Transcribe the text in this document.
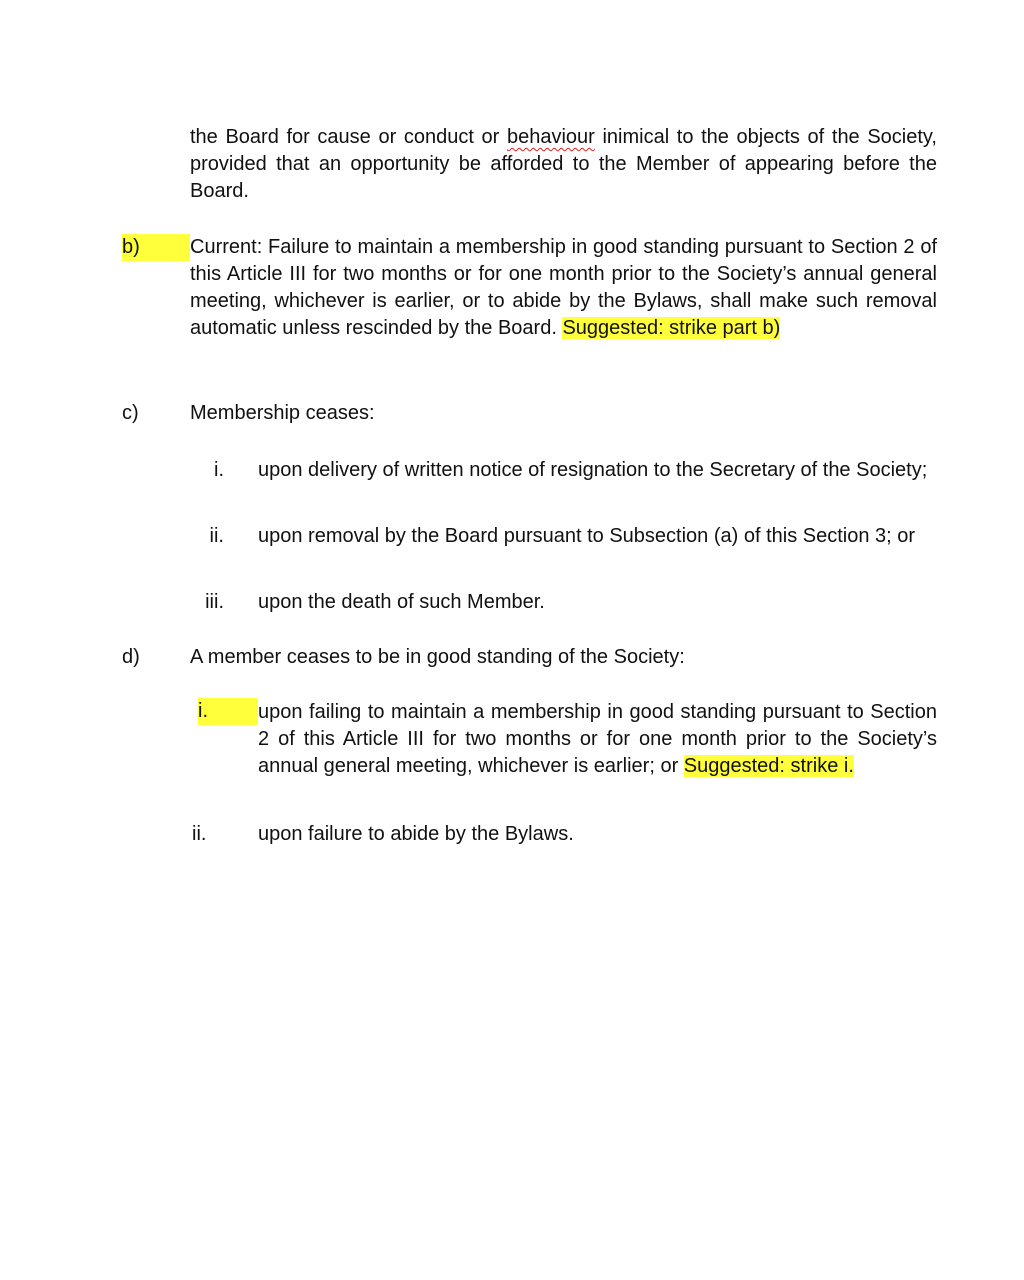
the Board for cause or conduct or behaviour inimical to the objects of the Society, provided that an opportunity be afforded to the Member of appearing before the Board.

b)	Current: Failure to maintain a membership in good standing pursuant to Section 2 of this Article III for two months or for one month prior to the Society’s annual general meeting, whichever is earlier, or to abide by the Bylaws, shall make such removal automatic unless rescinded by the Board. Suggested: strike part b)

c)	Membership ceases:

i. upon delivery of written notice of resignation to the Secretary of the Society;

ii. upon removal by the Board pursuant to Subsection (a) of this Section 3; or

iii. upon the death of such Member.

d)	A member ceases to be in good standing of the Society:

i.	upon failing to maintain a membership in good standing pursuant to Section 2 of this Article III for two months or for one month prior to the Society’s annual general meeting, whichever is earlier; or Suggested: strike i.

ii.	upon failure to abide by the Bylaws.
